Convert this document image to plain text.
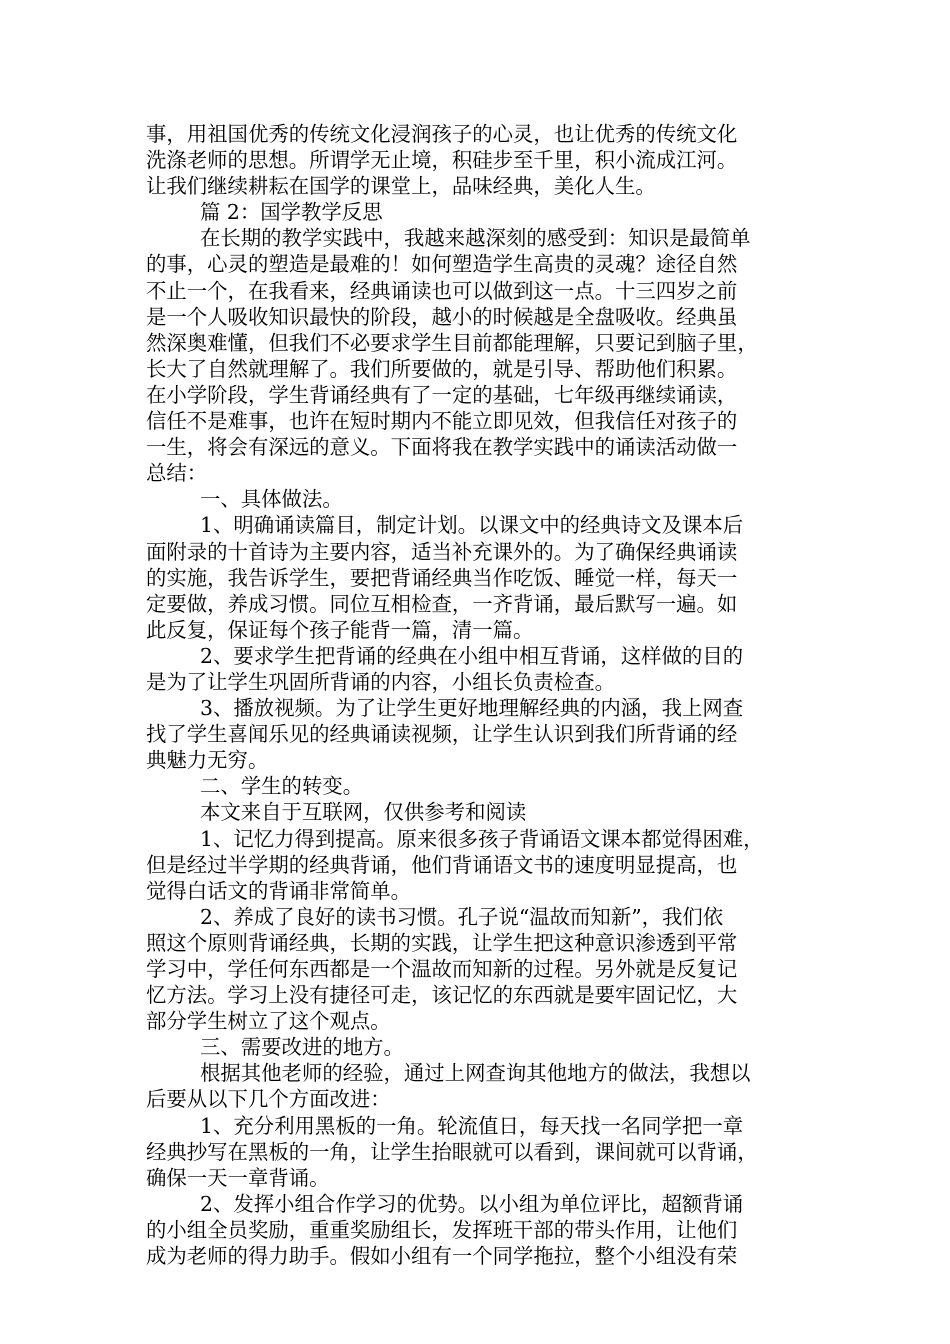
事，用祖国优秀的传统文化浸润孩子的心灵，也让优秀的传统文化
洗涤老师的思想。所谓学无止境，积硅步至千里，积小流成江河。
让我们继续耕耘在国学的课堂上，品味经典，美化人生。
篇 2：国学教学反思
在长期的教学实践中，我越来越深刻的感受到：知识是最简单
的事，心灵的塑造是最难的！如何塑造学生高贵的灵魂？途径自然
不止一个，在我看来，经典诵读也可以做到这一点。十三四岁之前
是一个人吸收知识最快的阶段，越小的时候越是全盘吸收。经典虽
然深奥难懂，但我们不必要求学生目前都能理解，只要记到脑子里，
长大了自然就理解了。我们所要做的，就是引导、帮助他们积累。
在小学阶段，学生背诵经典有了一定的基础，七年级再继续诵读，
信任不是难事，也许在短时期内不能立即见效，但我信任对孩子的
一生，将会有深远的意义。下面将我在教学实践中的诵读活动做一
总结：
一、具体做法。
1、明确诵读篇目，制定计划。以课文中的经典诗文及课本后
面附录的十首诗为主要内容，适当补充课外的。为了确保经典诵读
的实施，我告诉学生，要把背诵经典当作吃饭、睡觉一样，每天一
定要做，养成习惯。同位互相检查，一齐背诵，最后默写一遍。如
此反复，保证每个孩子能背一篇，清一篇。
2、要求学生把背诵的经典在小组中相互背诵，这样做的目的
是为了让学生巩固所背诵的内容，小组长负责检查。
3、播放视频。为了让学生更好地理解经典的内涵，我上网查
找了学生喜闻乐见的经典诵读视频，让学生认识到我们所背诵的经
典魅力无穷。
二、学生的转变。
本文来自于互联网，仅供参考和阅读
1、记忆力得到提高。原来很多孩子背诵语文课本都觉得困难，
但是经过半学期的经典背诵，他们背诵语文书的速度明显提高，也
觉得白话文的背诵非常简单。
2、养成了良好的读书习惯。孔子说“温故而知新”，我们依
照这个原则背诵经典，长期的实践，让学生把这种意识渗透到平常
学习中，学任何东西都是一个温故而知新的过程。另外就是反复记
忆方法。学习上没有捷径可走，该记忆的东西就是要牢固记忆，大
部分学生树立了这个观点。
三、需要改进的地方。
根据其他老师的经验，通过上网查询其他地方的做法，我想以
后要从以下几个方面改进：
1、充分利用黑板的一角。轮流值日，每天找一名同学把一章
经典抄写在黑板的一角，让学生抬眼就可以看到，课间就可以背诵，
确保一天一章背诵。
2、发挥小组合作学习的优势。以小组为单位评比，超额背诵
的小组全员奖励，重重奖励组长，发挥班干部的带头作用，让他们
成为老师的得力助手。假如小组有一个同学拖拉，整个小组没有荣
